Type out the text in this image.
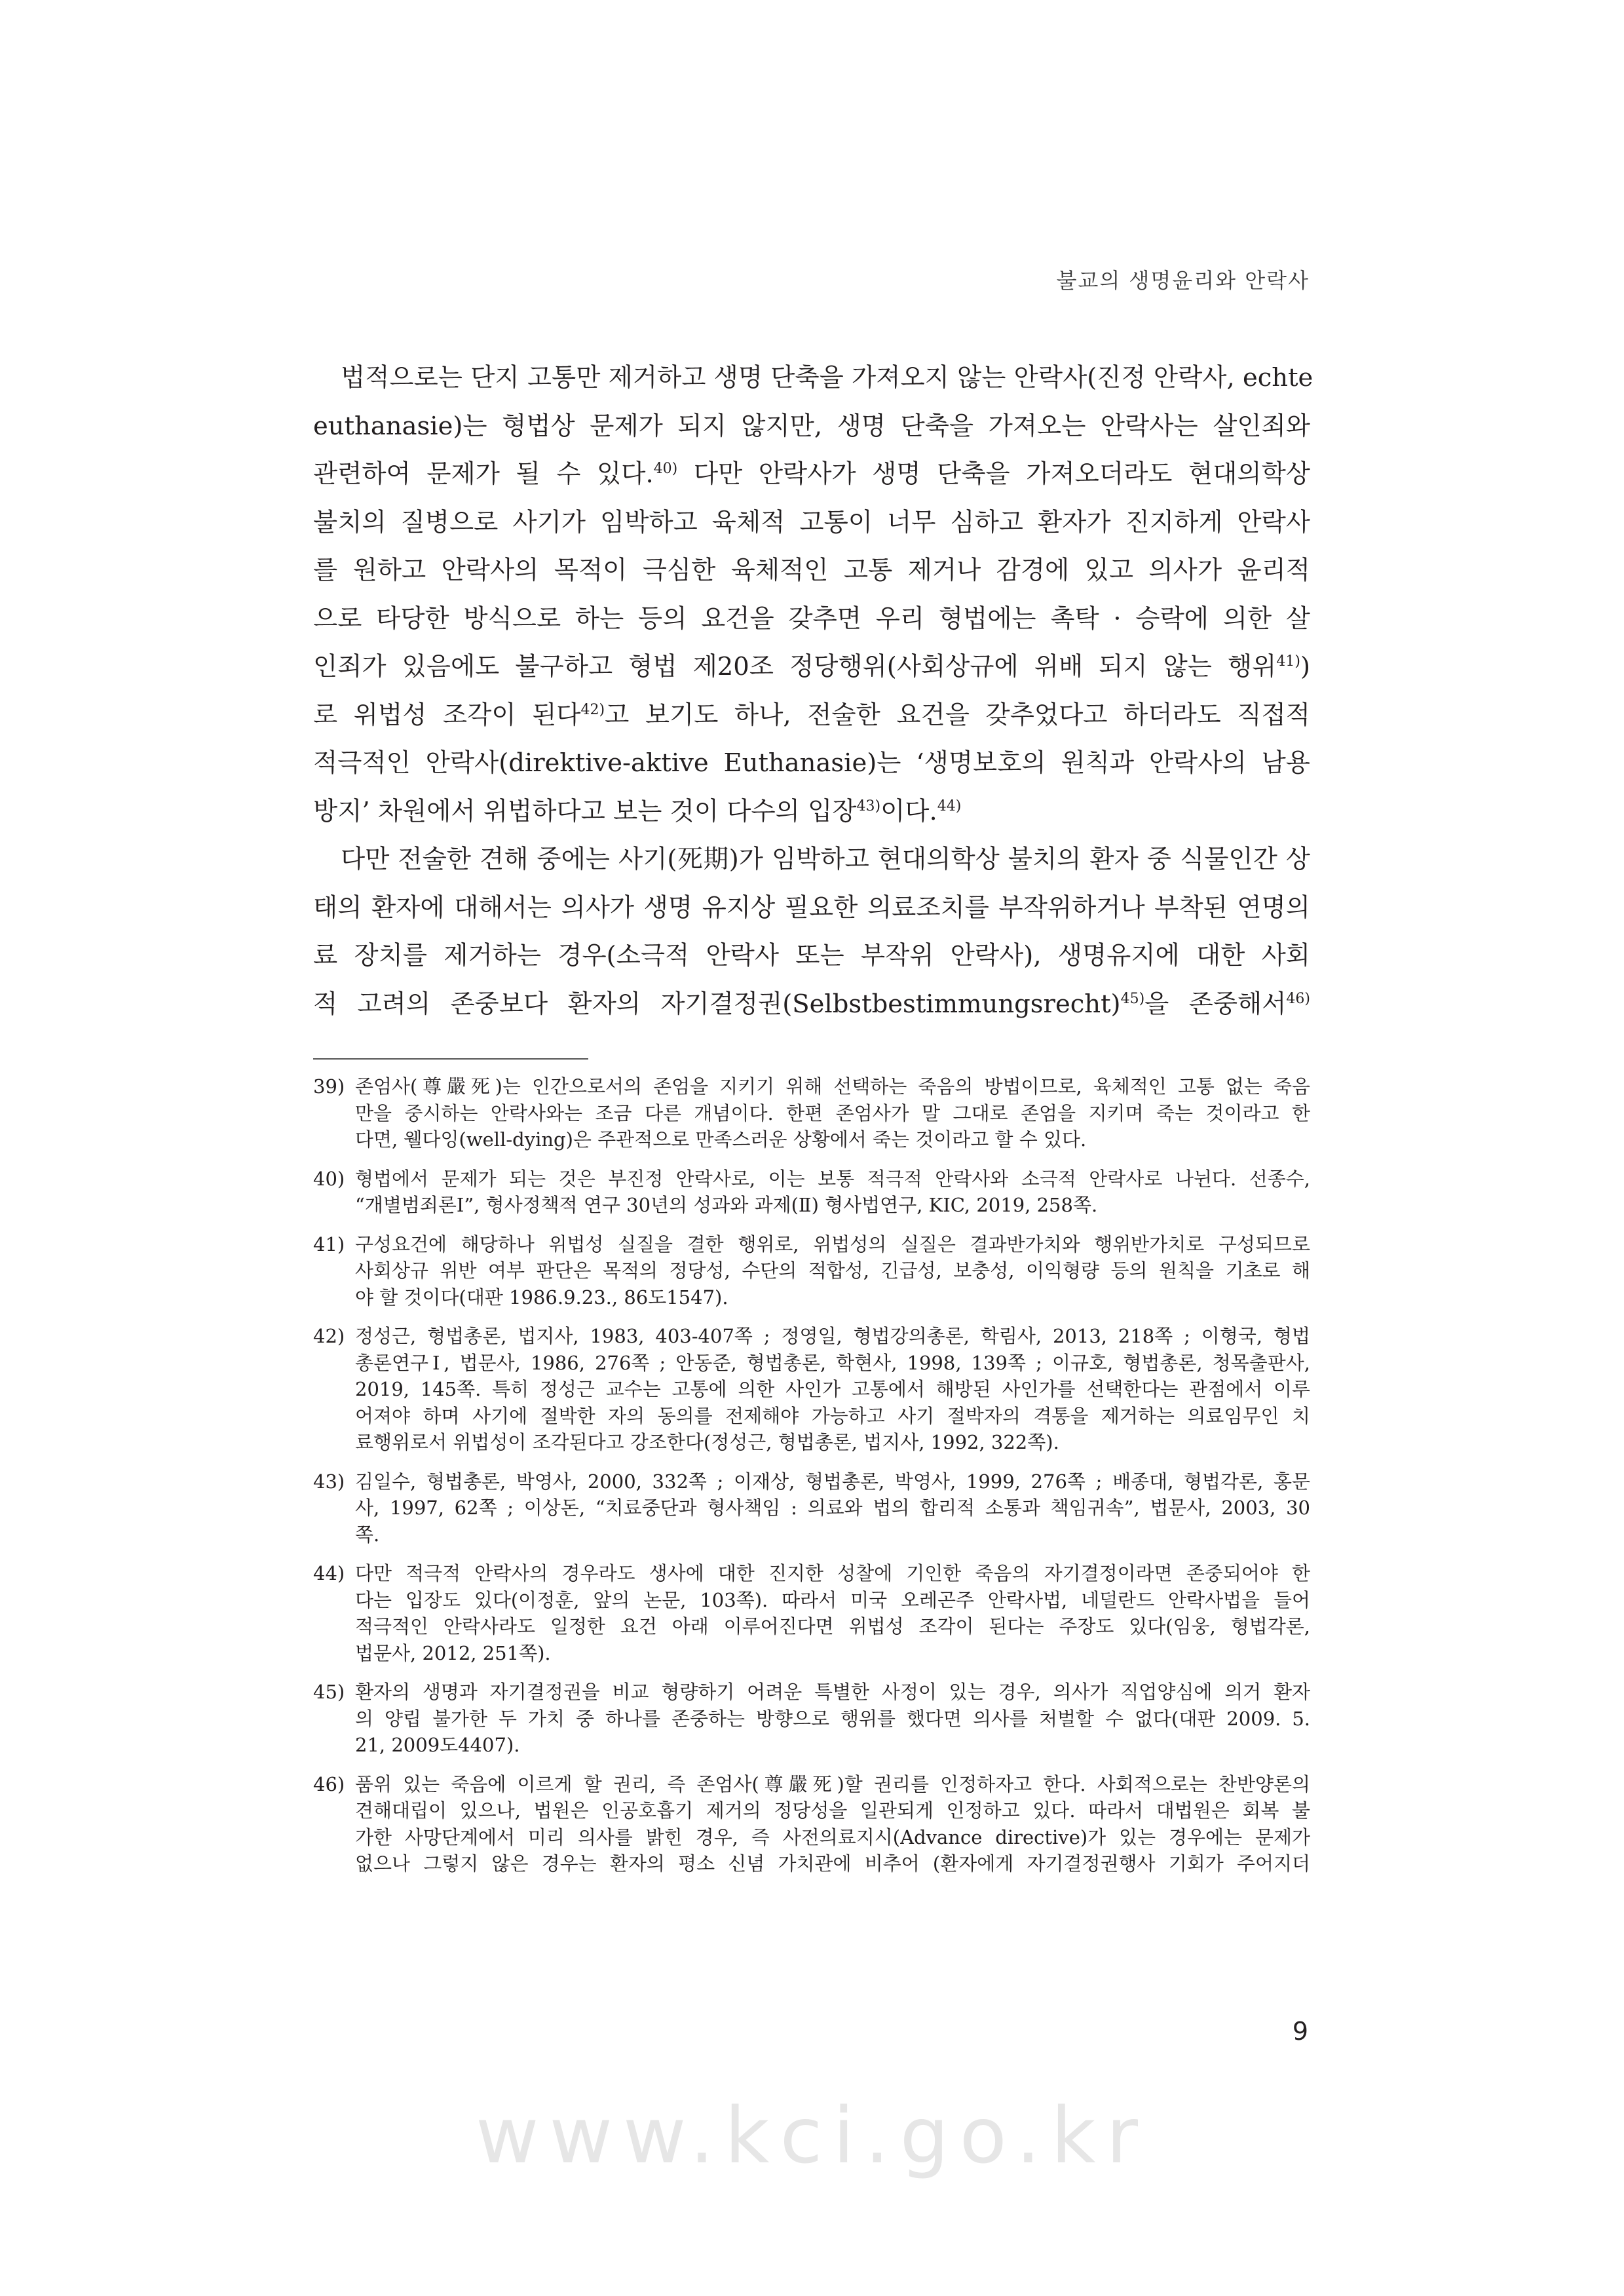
불교의 생명윤리와 안락사

법적으로는 단지 고통만 제거하고 생명 단축을 가져오지 않는 안락사(진정 안락사, echte
euthanasie)는 형법상 문제가 되지 않지만, 생명 단축을 가져오는 안락사는 살인죄와
관련하여 문제가 될 수 있다.$^{40)}$ 다만 안락사가 생명 단축을 가져오더라도 현대의학상
불치의 질병으로 사기가 임박하고 육체적 고통이 너무 심하고 환자가 진지하게 안락사
를 원하고 안락사의 목적이 극심한 육체적인 고통 제거나 감경에 있고 의사가 윤리적
으로 타당한 방식으로 하는 등의 요건을 갖추면 우리 형법에는 촉탁 · 승락에 의한 살
인죄가 있음에도 불구하고 형법 제20조 정당행위(사회상규에 위배 되지 않는 행위$^{41)}$)
로 위법성 조각이 된다$^{42)}$고 보기도 하나, 전술한 요건을 갖추었다고 하더라도 직접적
적극적인 안락사(direktive-aktive Euthanasie)는 ‘생명보호의 원칙과 안락사의 남용
방지’ 차원에서 위법하다고 보는 것이 다수의 입장$^{43)}$이다.$^{44)}$

다만 전술한 견해 중에는 사기(死期)가 임박하고 현대의학상 불치의 환자 중 식물인간 상
태의 환자에 대해서는 의사가 생명 유지상 필요한 의료조치를 부작위하거나 부착된 연명의
료 장치를 제거하는 경우(소극적 안락사 또는 부작위 안락사), 생명유지에 대한 사회
적 고려의 존중보다 환자의 자기결정권(Selbstbestimmungsrecht)$^{45)}$을 존중해서$^{46)}$

39) 존엄사(尊嚴死)는 인간으로서의 존엄을 지키기 위해 선택하는 죽음의 방법이므로, 육체적인 고통 없는 죽음
만을 중시하는 안락사와는 조금 다른 개념이다. 한편 존엄사가 말 그대로 존엄을 지키며 죽는 것이라고 한
다면, 웰다잉(well-dying)은 주관적으로 만족스러운 상황에서 죽는 것이라고 할 수 있다.
40) 형법에서 문제가 되는 것은 부진정 안락사로, 이는 보통 적극적 안락사와 소극적 안락사로 나뉜다. 선종수,
“개별범죄론Ⅰ”, 형사정책적 연구 30년의 성과와 과제(Ⅱ) 형사법연구, KIC, 2019, 258쪽.
41) 구성요건에 해당하나 위법성 실질을 결한 행위로, 위법성의 실질은 결과반가치와 행위반가치로 구성되므로
사회상규 위반 여부 판단은 목적의 정당성, 수단의 적합성, 긴급성, 보충성, 이익형량 등의 원칙을 기초로 해
야 할 것이다(대판 1986.9.23., 86도1547).
42) 정성근, 형법총론, 법지사, 1983, 403-407쪽 ; 정영일, 형법강의총론, 학림사, 2013, 218쪽 ; 이형국, 형법
총론연구Ⅰ, 법문사, 1986, 276쪽 ; 안동준, 형법총론, 학현사, 1998, 139쪽 ; 이규호, 형법총론, 청목출판사,
2019, 145쪽. 특히 정성근 교수는 고통에 의한 사인가 고통에서 해방된 사인가를 선택한다는 관점에서 이루
어져야 하며 사기에 절박한 자의 동의를 전제해야 가능하고 사기 절박자의 격통을 제거하는 의료임무인 치
료행위로서 위법성이 조각된다고 강조한다(정성근, 형법총론, 법지사, 1992, 322쪽).
43) 김일수, 형법총론, 박영사, 2000, 332쪽 ; 이재상, 형법총론, 박영사, 1999, 276쪽 ; 배종대, 형법각론, 홍문
사, 1997, 62쪽 ; 이상돈, “치료중단과 형사책임 : 의료와 법의 합리적 소통과 책임귀속”, 법문사, 2003, 30
쪽.
44) 다만 적극적 안락사의 경우라도 생사에 대한 진지한 성찰에 기인한 죽음의 자기결정이라면 존중되어야 한
다는 입장도 있다(이정훈, 앞의 논문, 103쪽). 따라서 미국 오레곤주 안락사법, 네덜란드 안락사법을 들어
적극적인 안락사라도 일정한 요건 아래 이루어진다면 위법성 조각이 된다는 주장도 있다(임웅, 형법각론,
법문사, 2012, 251쪽).
45) 환자의 생명과 자기결정권을 비교 형량하기 어려운 특별한 사정이 있는 경우, 의사가 직업양심에 의거 환자
의 양립 불가한 두 가치 중 하나를 존중하는 방향으로 행위를 했다면 의사를 처벌할 수 없다(대판 2009. 5.
21, 2009도4407).
46) 품위 있는 죽음에 이르게 할 권리, 즉 존엄사(尊嚴死)할 권리를 인정하자고 한다. 사회적으로는 찬반양론의
견해대립이 있으나, 법원은 인공호흡기 제거의 정당성을 일관되게 인정하고 있다. 따라서 대법원은 회복 불
가한 사망단계에서 미리 의사를 밝힌 경우, 즉 사전의료지시(Advance directive)가 있는 경우에는 문제가
없으나 그렇지 않은 경우는 환자의 평소 신념 가치관에 비추어 (환자에게 자기결정권행사 기회가 주어지더
9
www.kci.go.kr
